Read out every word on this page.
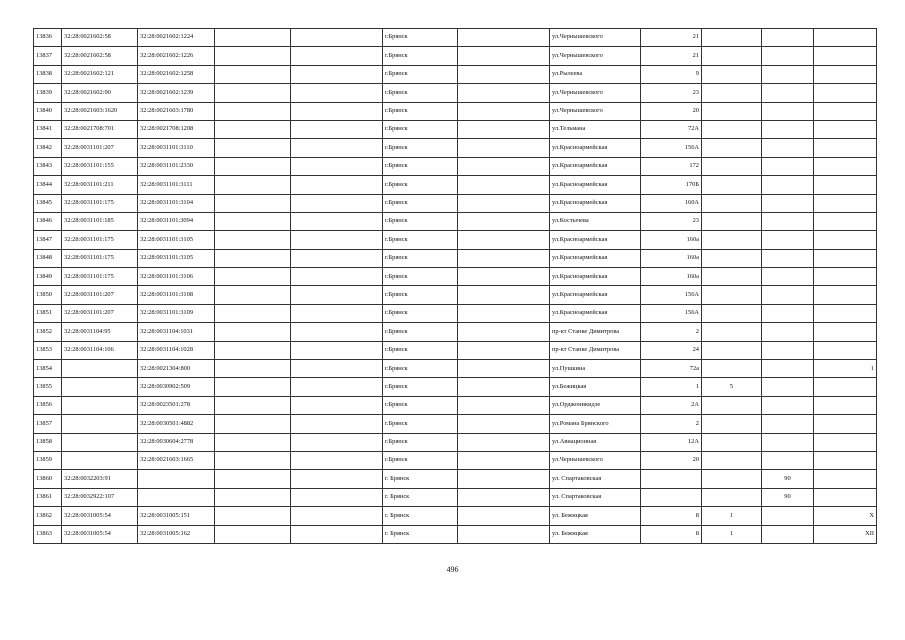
13836	32:28:0021602:58	32:28:0021602:1224			г.Брянск		ул.Чернышевского	21			
13837	32:28:0021602:58	32:28:0021602:1226			г.Брянск		ул.Чернышевского	21			
13838	32:28:0021602:121	32:28:0021602:1258			г.Брянск		ул.Рылеева	9			
13839	32:28:0021602:90	32:28:0021602:1239			г.Брянск		ул.Чернышевского	23			
13840	32:28:0021603:1620	32:28:0021603:1780			г.Брянск		ул.Чернышевского	20			
13841	32:28:0021708:701	32:28:0021708:1208			г.Брянск		ул.Тельмана	72А			
13842	32:28:0031101:207	32:28:0031101:3110			г.Брянск		ул.Красноармейская	156А			
13843	32:28:0031101:155	32:28:0031101:2330			г.Брянск		ул.Красноармейская	172			
13844	32:28:0031101:211	32:28:0031101:3111			г.Брянск		ул.Красноармейская	170Б			
13845	32:28:0031101:175	32:28:0031101:3104			г.Брянск		ул.Красноармейская	160А			
13846	32:28:0031101:185	32:28:0031101:3094			г.Брянск		ул.Костычева	23			
13847	32:28:0031101:175	32:28:0031101:3105			г.Брянск		ул.Красноармейская	160а			
13848	32:28:0031101:175	32:28:0031101:3105			г.Брянск		ул.Красноармейская	160а			
13849	32:28:0031101:175	32:28:0031101:3106			г.Брянск		ул.Красноармейская	160а			
13850	32:28:0031101:207	32:28:0031101:3108			г.Брянск		ул.Красноармейская	156А			
13851	32:28:0031101:207	32:28:0031101:3109			г.Брянск		ул.Красноармейская	156А			
13852	32:28:0031104:95	32:28:0031104:1031			г.Брянск		пр-кт Станке Димитрова	2			
13853	32:28:0031104:106	32:28:0031104:1028			г.Брянск		пр-кт Станке Димитрова	24			
13854		32:28:0021304:800			г.Брянск		ул.Пушкина	72а			1
13855		32:28:0030902:509			г.Брянск		ул.Бежицкая	1	5		
13856		32:28:0023501:278			г.Брянск		ул.Орджоникидзе	2А			
13857		32:28:0030501:4882			г.Брянск		ул.Романа Брянского	2			
13858		32:28:0030604:2778			г.Брянск		ул.Авиационная	12А			
13859		32:28:0021603:1665			г.Брянск		ул.Чернышевского	20			
13860	32:28:0032203:91				г. Брянск		ул. Спартаковская			90	
13861	32:28:0032922:107				г. Брянск		ул. Спартаковская			90	
13862	32:28:0031005:54	32:28:0031005:151			г. Брянск		ул. Бежицкая	8	1		X
13863	32:28:0031005:54	32:28:0031005:162			г. Брянск		ул. Бежицкая	8	1		XII
496
